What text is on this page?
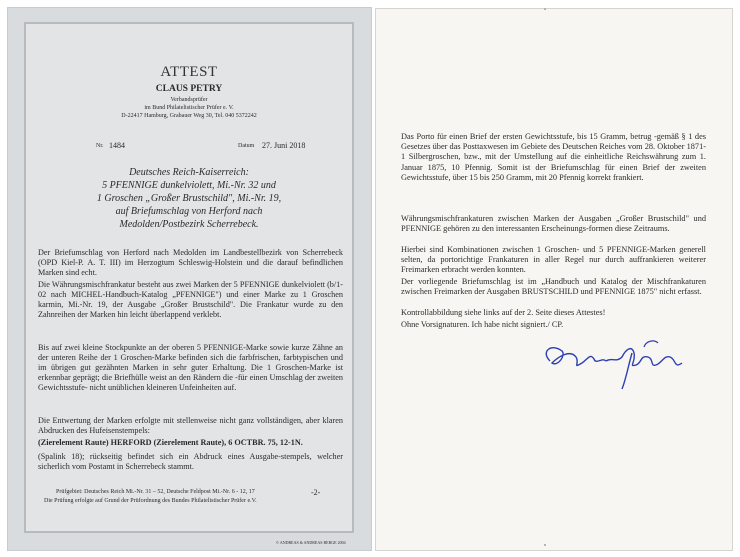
ATTEST
CLAUS PETRY
Verbandsprüfer
im Bund Philatelistischer Prüfer e. V.
D-22417 Hamburg, Grabauer Weg 30, Tel. 040 5372242
Nr. 1484	Datum 27. Juni 2018
Deutsches Reich-Kaiserreich:
5 PFENNIGE dunkelviolett, Mi.-Nr. 32 und
1 Groschen „Großer Brustschild", Mi.-Nr. 19,
auf Briefumschlag von Herford nach
Medolden/Postbezirk Scherrebeck.
Der Briefumschlag von Herford nach Medolden im Landbestellbezirk von Scherrebeck (OPD Kiel-P. A. T. III) im Herzogtum Schleswig-Holstein und die darauf befindlichen Marken sind echt.
Die Währungsmischfrankatur besteht aus zwei Marken der 5 PFENNIGE dunkelviolett (b/1-02 nach MICHEL-Handbuch-Katalog „PFENNIGE") und einer Marke zu 1 Groschen karmin, Mi.-Nr. 19, der Ausgabe „Großer Brustschild". Die Frankatur wurde zu den Zahnreihen der Marken hin leicht überlappend verklebt.
Bis auf zwei kleine Stockpunkte an der oberen 5 PFENNIGE-Marke sowie kurze Zähne an der unteren Reihe der 1 Groschen-Marke befinden sich die farbfrischen, farbtypischen und im übrigen gut gezähnten Marken in sehr guter Erhaltung. Die 1 Groschen-Marke ist erkennbar geprägt; die Briefhülle weist an den Rändern die -für einen Umschlag der zweiten Gewichtsstufe- nicht unüblichen kleineren Unfeinheiten auf.
Die Entwertung der Marken erfolgte mit stellenweise nicht ganz vollständigen, aber klaren Abdrucken des Hufeisenstempels:
(Zierelement Raute) HERFORD (Zierelement Raute), 6 OCTBR. 75, 12-1N.
(Spalink 18); rückseitig befindet sich ein Abdruck eines Ausgabe-stempels, welcher sicherlich vom Postamt in Scherrebeck stammt.
Prüfgebiet: Deutsches Reich Mi.-Nr. 31 – 52, Deutsche Feldpost Mi.-Nr. 6 - 12, 17
Die Prüfung erfolgte auf Grund der Prüfordnung des Bundes Philatelistischer Prüfer e.V.
-2-
© ANDREAS & ANDREAS BERGE 2004
Das Porto für einen Brief der ersten Gewichtsstufe, bis 15 Gramm, betrug -gemäß § 1 des Gesetzes über das Posttaxwesen im Gebiete des Deutschen Reiches vom 28. Oktober 1871- 1 Silbergroschen, bzw., mit der Umstellung auf die einheitliche Reichswährung zum 1. Januar 1875, 10 Pfennig. Somit ist der Briefumschlag für einen Brief der zweiten Gewichtsstufe, über 15 bis 250 Gramm, mit 20 Pfennig korrekt frankiert.
Währungsmischfrankaturen zwischen Marken der Ausgaben „Großer Brustschild" und PFENNIGE gehören zu den interessanten Erscheinungs-formen diese Zeitraums.
Hierbei sind Kombinationen zwischen 1 Groschen- und 5 PFENNIGE-Marken generell selten, da portorichtige Frankaturen in aller Regel nur durch auffrankieren weiterer Freimarken erbracht werden konnten.
Der vorliegende Briefumschlag ist im „Handbuch und Katalog der Mischfrankaturen zwischen Freimarken der Ausgaben BRUSTSCHILD und PFENNIGE 1875" nicht erfasst.
Kontrollabbildung siehe links auf der 2. Seite dieses Attestes!
Ohne Vorsignaturen. Ich habe nicht signiert./ CP.
